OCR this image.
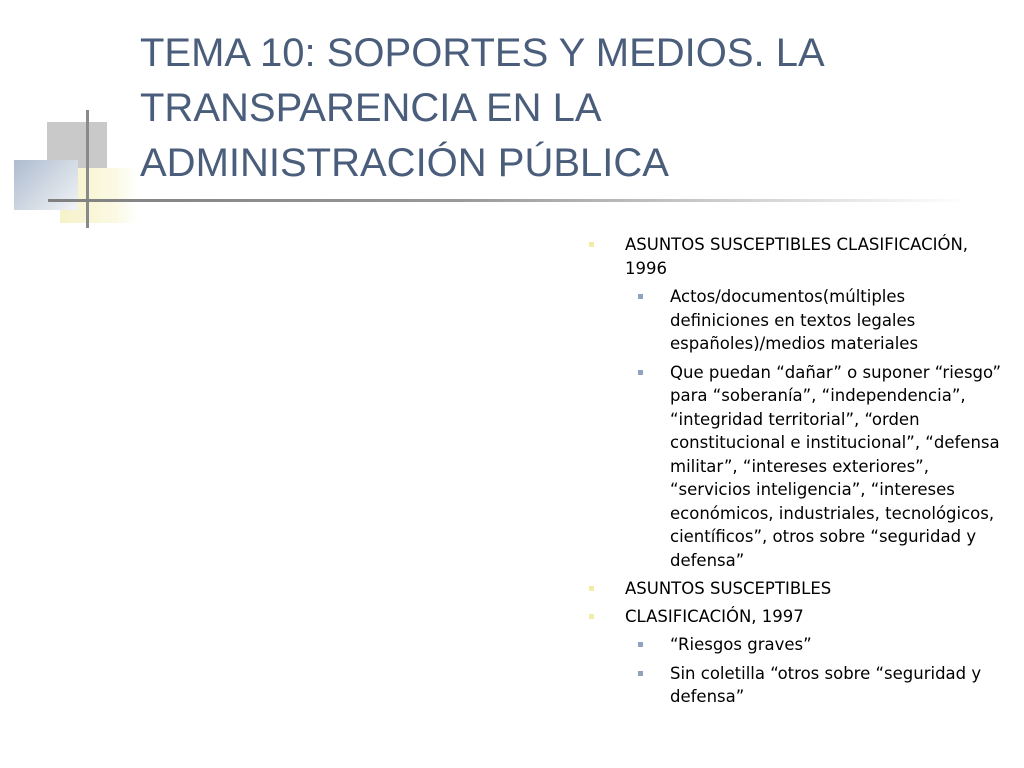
TEMA 10: SOPORTES Y MEDIOS. LA
TRANSPARENCIA EN LA
ADMINISTRACIÓN PÚBLICA
ASUNTOS SUSCEPTIBLES CLASIFICACIÓN, 1996
Actos/documentos(múltiples definiciones en textos legales españoles)/medios materiales
Que puedan “dañar” o suponer “riesgo” para “soberanía”, “independencia”, “integridad territorial”, “orden constitucional e institucional”, “defensa militar”, “intereses exteriores”, “servicios inteligencia”, “intereses económicos, industriales, tecnológicos, científicos”, otros sobre “seguridad y defensa”
ASUNTOS SUSCEPTIBLES
CLASIFICACIÓN, 1997
“Riesgos graves”
Sin coletilla “otros sobre “seguridad y defensa”
